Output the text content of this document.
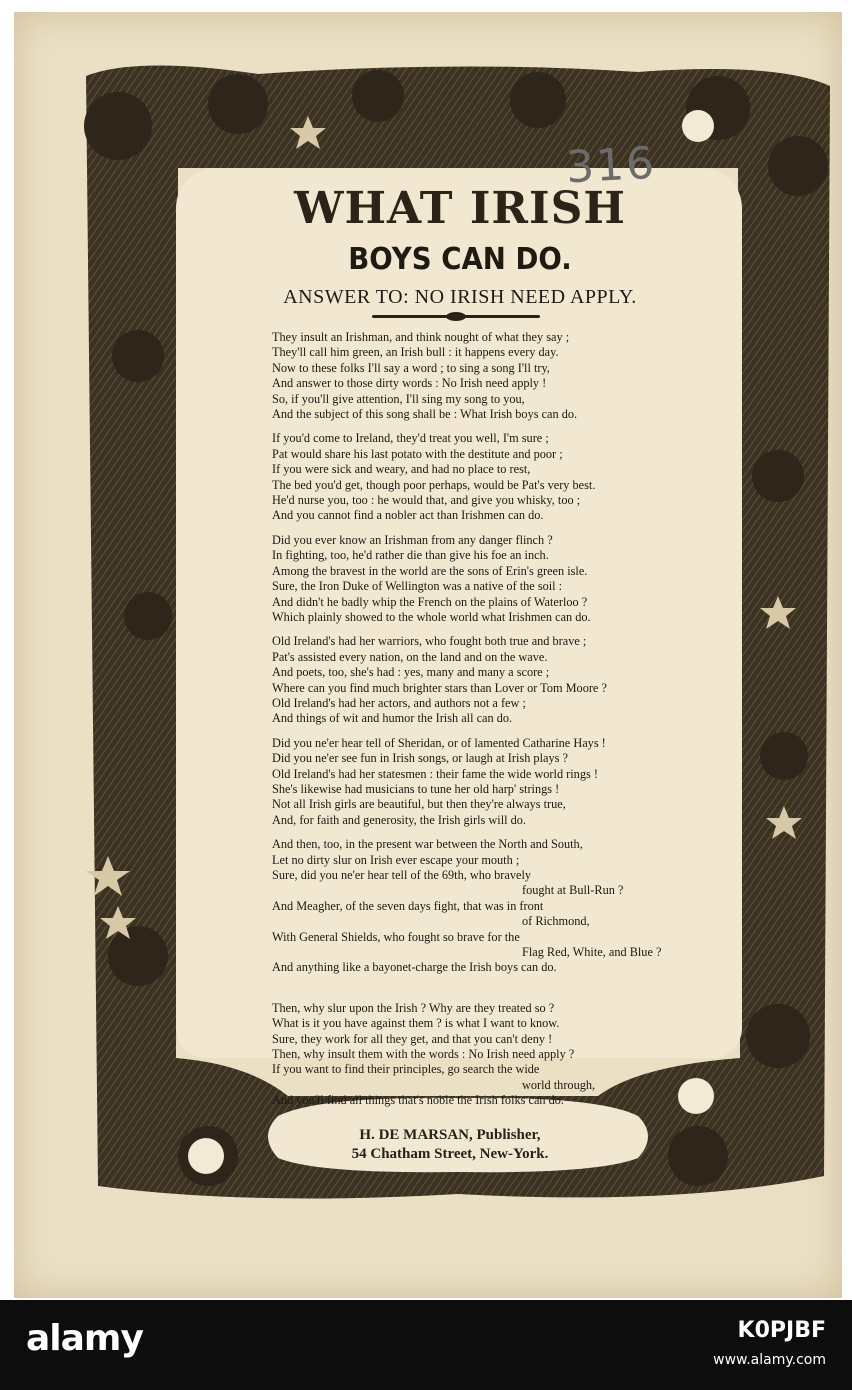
316
WHAT IRISH
BOYS CAN DO.
ANSWER TO: NO IRISH NEED APPLY.
They insult an Irishman, and think nought of what they say ;
They'll call him green, an Irish bull : it happens every day.
Now to these folks I'll say a word ; to sing a song I'll try,
And answer to those dirty words : No Irish need apply !
So, if you'll give attention, I'll sing my song to you,
And the subject of this song shall be : What Irish boys can do.
If you'd come to Ireland, they'd treat you well, I'm sure ;
Pat would share his last potato with the destitute and poor ;
If you were sick and weary, and had no place to rest,
The bed you'd get, though poor perhaps, would be Pat's very best.
He'd nurse you, too : he would that, and give you whisky, too ;
And you cannot find a nobler act than Irishmen can do.
Did you ever know an Irishman from any danger flinch ?
In fighting, too, he'd rather die than give his foe an inch.
Among the bravest in the world are the sons of Erin's green isle.
Sure, the Iron Duke of Wellington was a native of the soil :
And didn't he badly whip the French on the plains of Waterloo ?
Which plainly showed to the whole world what Irishmen can do.
Old Ireland's had her warriors, who fought both true and brave ;
Pat's assisted every nation, on the land and on the wave.
And poets, too, she's had : yes, many and many a score ;
Where can you find much brighter stars than Lover or Tom Moore ?
Old Ireland's had her actors, and authors not a few ;
And things of wit and humor the Irish all can do.
Did you ne'er hear tell of Sheridan, or of lamented Catharine Hays !
Did you ne'er see fun in Irish songs, or laugh at Irish plays ?
Old Ireland's had her statesmen : their fame the wide world rings !
She's likewise had musicians to tune her old harp' strings !
Not all Irish girls are beautiful, but then they're always true,
And, for faith and generosity, the Irish girls will do.
And then, too, in the present war between the North and South,
Let no dirty slur on Irish ever escape your mouth ;
Sure, did you ne'er hear tell of the 69th, who bravely
fought at Bull-Run ?
And Meagher, of the seven days fight, that was in front
of Richmond,
With General Shields, who fought so brave for the
Flag Red, White, and Blue ?
And anything like a bayonet-charge the Irish boys can do.
Then, why slur upon the Irish ? Why are they treated so ?
What is it you have against them ? is what I want to know.
Sure, they work for all they get, and that you can't deny !
Then, why insult them with the words : No Irish need apply ?
If you want to find their principles, go search the wide
world through,
And you'll find all things that's noble the Irish folks can do.
H. DE MARSAN, Publisher,
54 Chatham Street, New-York.
alamy	K0PJBF
www.alamy.com
